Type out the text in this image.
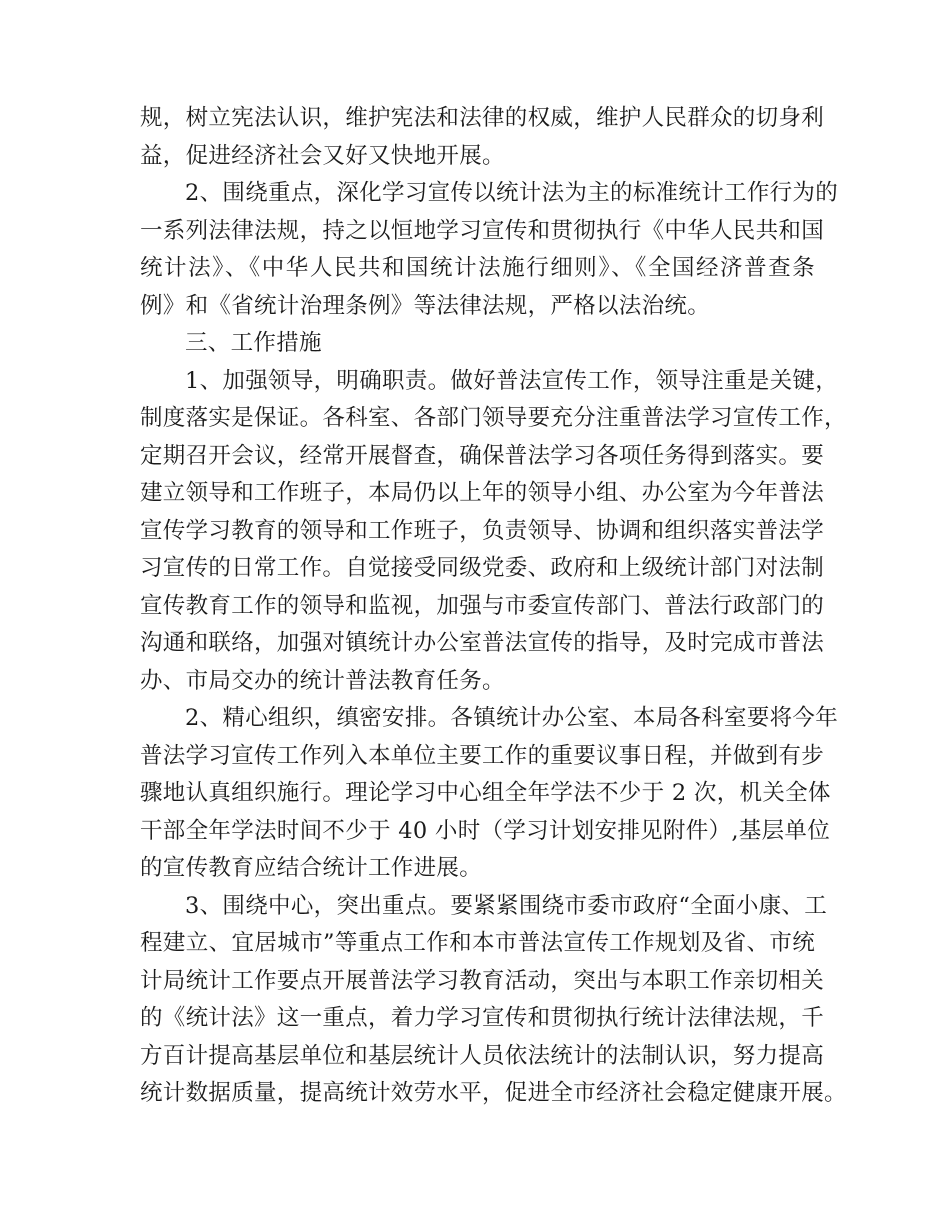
规，树立宪法认识，维护宪法和法律的权威，维护人民群众的切身利
益，促进经济社会又好又快地开展。
2、围绕重点，深化学习宣传以统计法为主的标准统计工作行为的
一系列法律法规，持之以恒地学习宣传和贯彻执行《中华人民共和国
统计法》、《中华人民共和国统计法施行细则》、《全国经济普查条
例》和《省统计治理条例》等法律法规，严格以法治统。
三、工作措施
1、加强领导，明确职责。做好普法宣传工作，领导注重是关键，
制度落实是保证。各科室、各部门领导要充分注重普法学习宣传工作，
定期召开会议，经常开展督查，确保普法学习各项任务得到落实。要
建立领导和工作班子，本局仍以上年的领导小组、办公室为今年普法
宣传学习教育的领导和工作班子，负责领导、协调和组织落实普法学
习宣传的日常工作。自觉接受同级党委、政府和上级统计部门对法制
宣传教育工作的领导和监视，加强与市委宣传部门、普法行政部门的
沟通和联络，加强对镇统计办公室普法宣传的指导，及时完成市普法
办、市局交办的统计普法教育任务。
2、精心组织，缜密安排。各镇统计办公室、本局各科室要将今年
普法学习宣传工作列入本单位主要工作的重要议事日程，并做到有步
骤地认真组织施行。理论学习中心组全年学法不少于 2 次，机关全体
干部全年学法时间不少于 40 小时（学习计划安排见附件）,基层单位
的宣传教育应结合统计工作进展。
3、围绕中心，突出重点。要紧紧围绕市委市政府“全面小康、工
程建立、宜居城市”等重点工作和本市普法宣传工作规划及省、市统
计局统计工作要点开展普法学习教育活动，突出与本职工作亲切相关
的《统计法》这一重点，着力学习宣传和贯彻执行统计法律法规，千
方百计提高基层单位和基层统计人员依法统计的法制认识，努力提高
统计数据质量，提高统计效劳水平，促进全市经济社会稳定健康开展。
